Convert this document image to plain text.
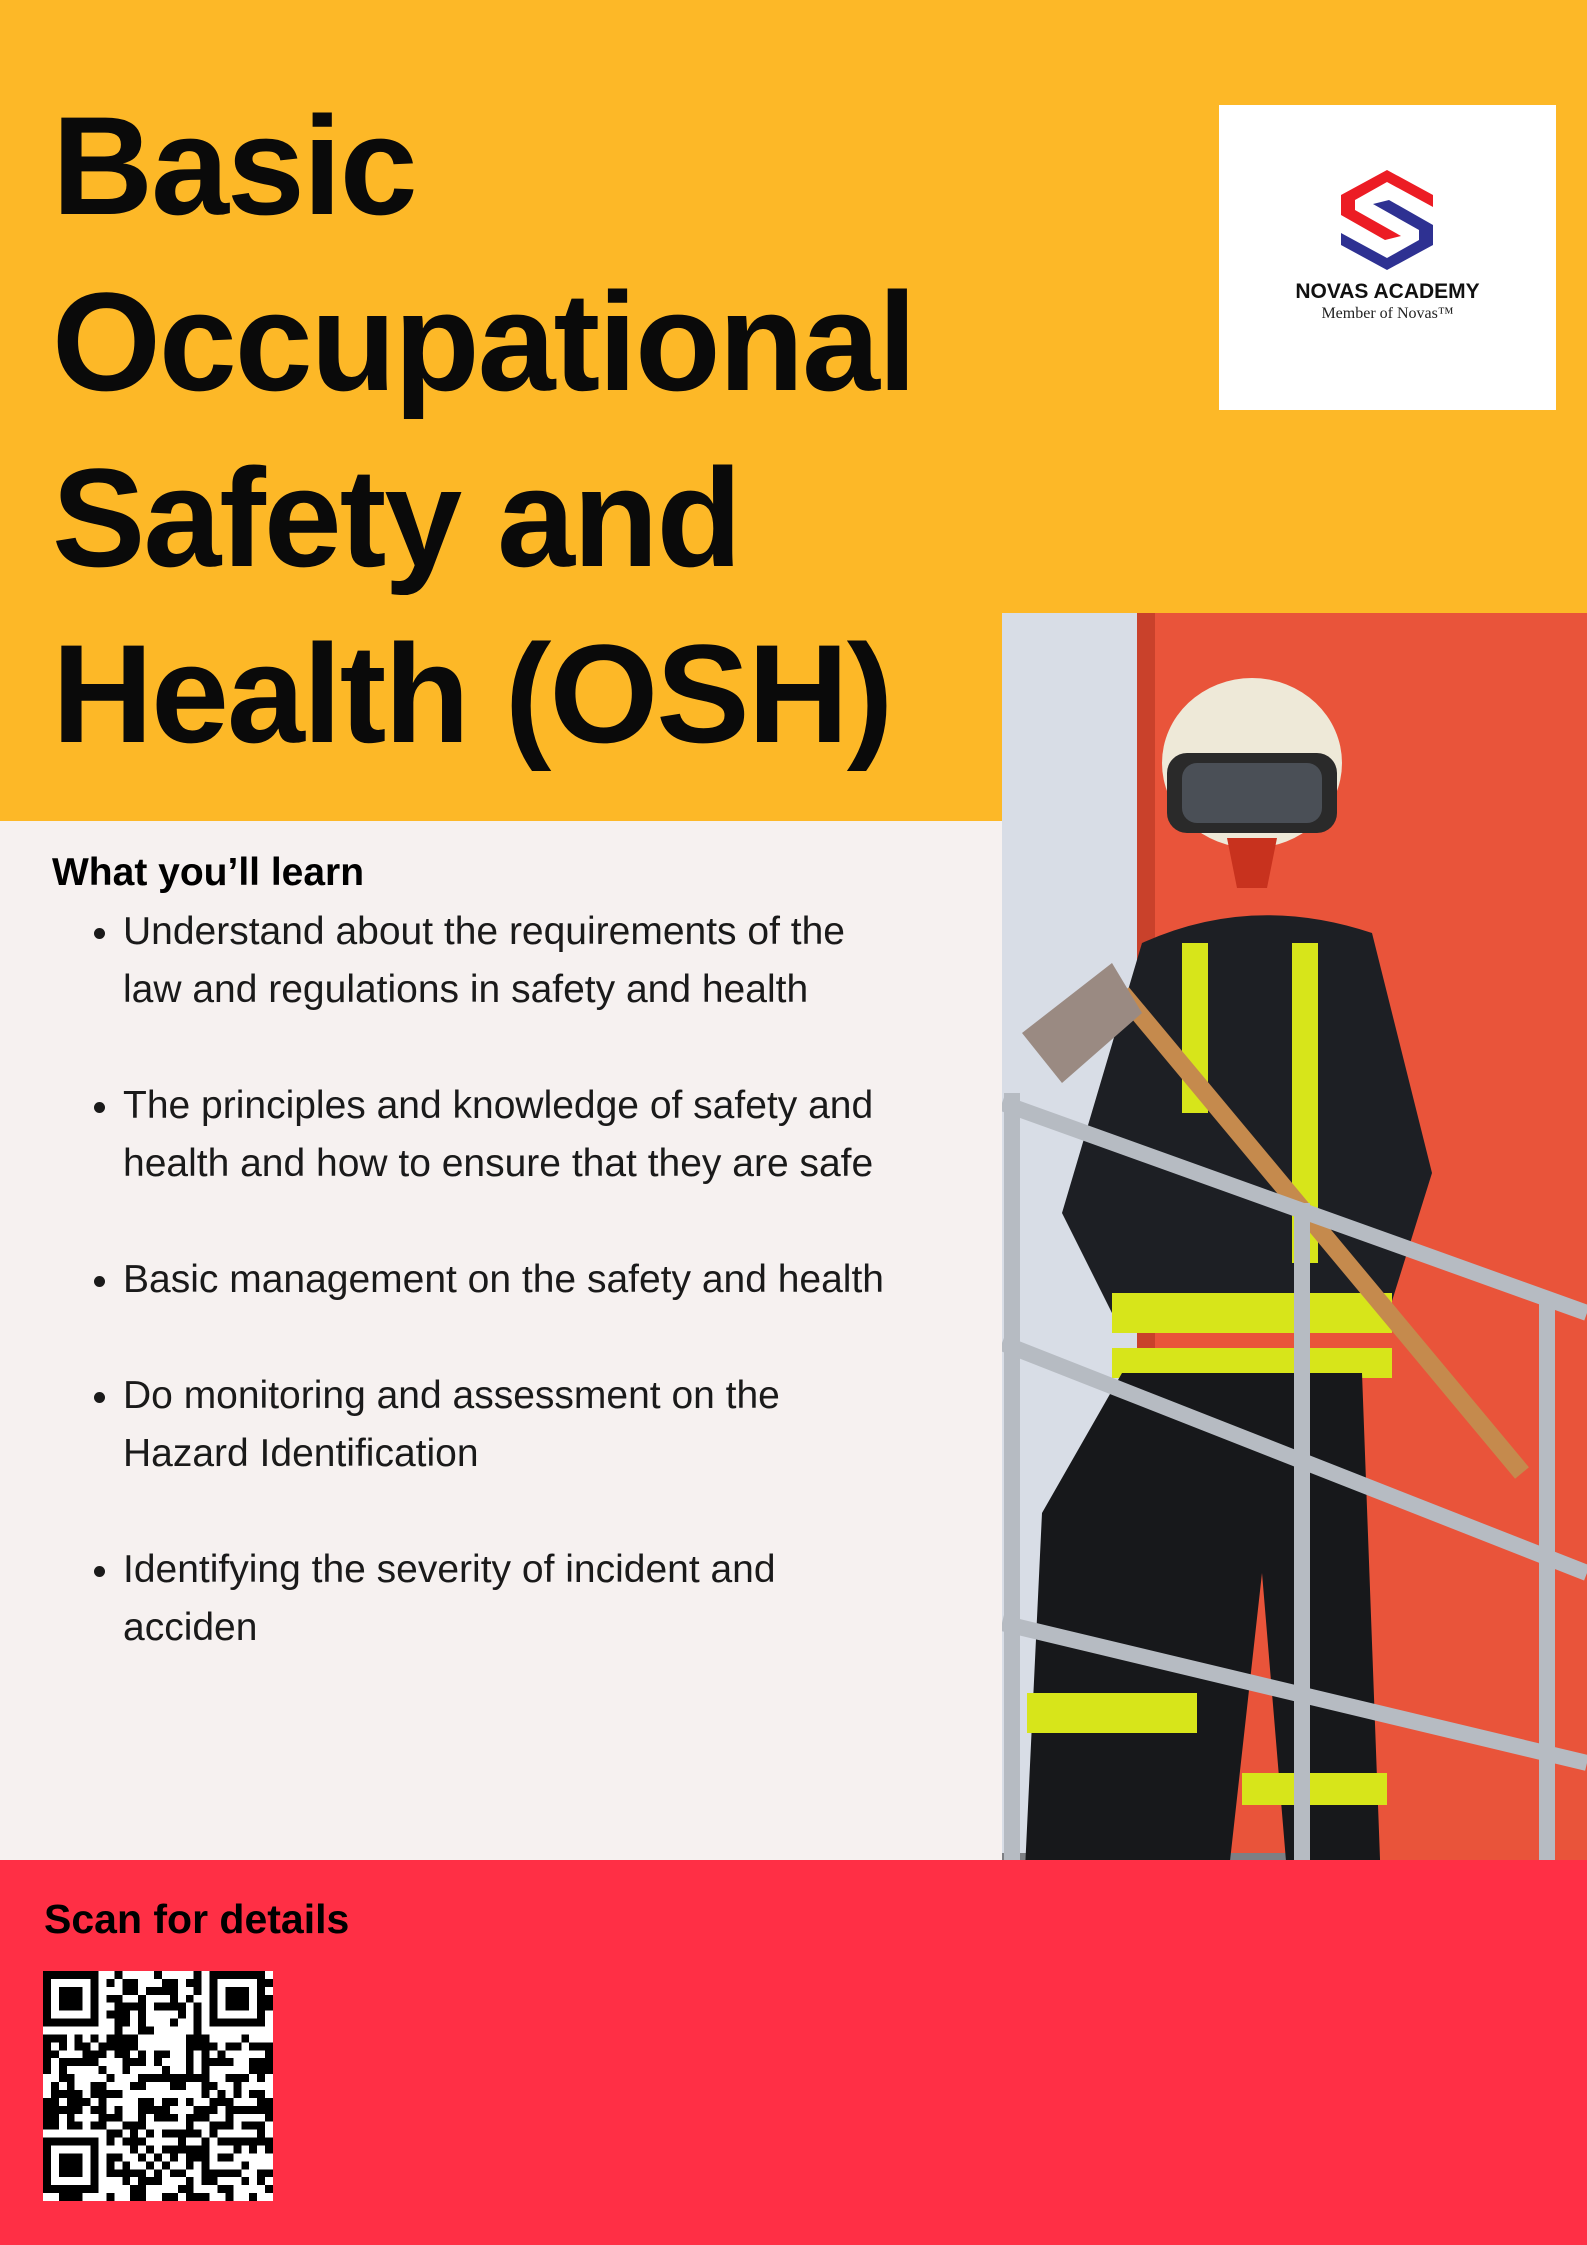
Basic
Occupational
Safety and
Health (OSH)
NOVAS ACADEMY
Member of Novas™
What you’ll learn
• Understand about the requirements of the law and regulations in safety and health
• The principles and knowledge of safety and health and how to ensure that they are safe
• Basic management on the safety and health
• Do monitoring and assessment on the Hazard Identification
• Identifying the severity of incident and acciden
Scan for details
